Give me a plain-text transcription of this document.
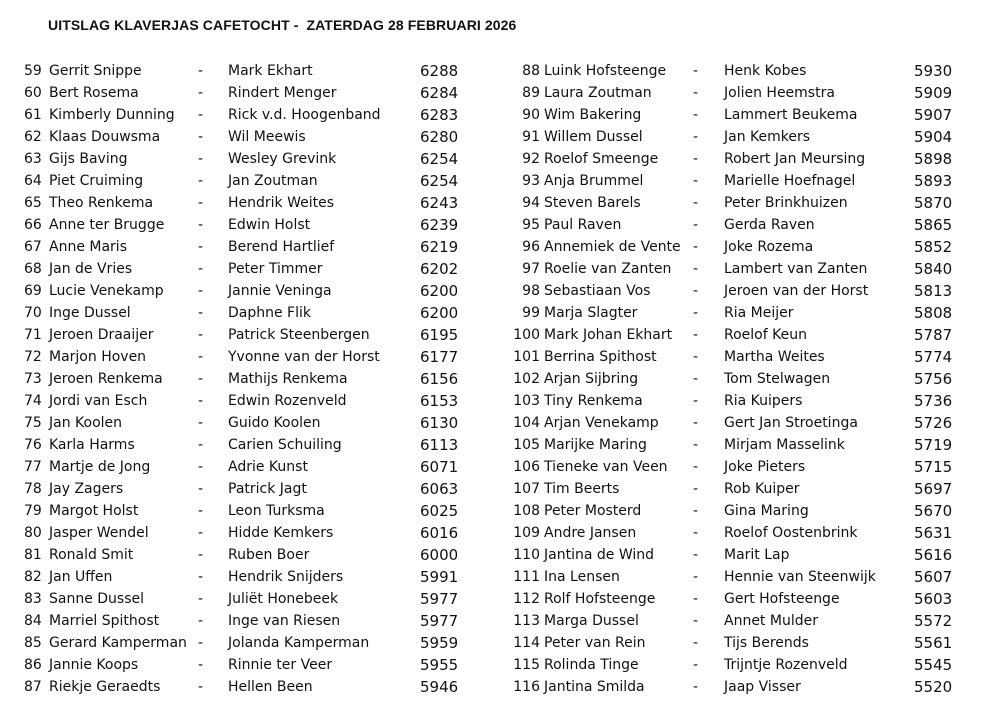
UITSLAG KLAVERJAS CAFETOCHT -  ZATERDAG 28 FEBRUARI 2026
59 Gerrit Snippe	- Mark Ekhart	6288
60 Bert Rosema	- Rindert Menger	6284
61 Kimberly Dunning - Rick v.d. Hoogenband	6283
62 Klaas Douwsma	- Wil Meewis	6280
63 Gijs Baving	- Wesley Grevink	6254
64 Piet Cruiming	- Jan Zoutman	6254
65 Theo Renkema	- Hendrik Weites	6243
66 Anne ter Brugge - Edwin Holst	6239
67 Anne Maris	- Berend Hartlief	6219
68 Jan de Vries	- Peter Timmer	6202
69 Lucie Venekamp - Jannie Veninga	6200
70 Inge Dussel	- Daphne Flik	6200
71 Jeroen Draaijer	- Patrick Steenbergen	6195
72 Marjon Hoven	- Yvonne van der Horst	6177
73 Jeroen Renkema	- Mathijs Renkema	6156
74 Jordi van Esch	- Edwin Rozenveld	6153
75 Jan Koolen	- Guido Koolen	6130
76 Karla Harms	- Carien Schuiling	6113
77 Martje de Jong	- Adrie Kunst	6071
78 Jay Zagers	- Patrick Jagt	6063
79 Margot Holst	- Leon Turksma	6025
80 Jasper Wendel	- Hidde Kemkers	6016
81 Ronald Smit	- Ruben Boer	6000
82 Jan Uffen	- Hendrik Snijders	5991
83 Sanne Dussel	- Juliët Honebeek	5977
84 Marriel Spithost	- Inge van Riesen	5977
85 Gerard Kamperman - Jolanda Kamperman	5959
86 Jannie Koops	- Rinnie ter Veer	5955
87 Riekje Geraedts	- Hellen Been	5946
88 Luink Hofsteenge - Henk Kobes	5930
89 Laura Zoutman	- Jolien Heemstra	5909
90 Wim Bakering	- Lammert Beukema	5907
91 Willem Dussel	- Jan Kemkers	5904
92 Roelof Smeenge - Robert Jan Meursing	5898
93 Anja Brummel	- Marielle Hoefnagel	5893
94 Steven Barels	- Peter Brinkhuizen	5870
95 Paul Raven	- Gerda Raven	5865
96 Annemiek de Vente - Joke Rozema	5852
97 Roelie van Zanten - Lambert van Zanten	5840
98 Sebastiaan Vos	- Jeroen van der Horst	5813
99 Marja Slagter	- Ria Meijer	5808
100 Mark Johan Ekhart - Roelof Keun	5787
101 Berrina Spithost	- Martha Weites	5774
102 Arjan Sijbring	- Tom Stelwagen	5756
103 Tiny Renkema	- Ria Kuipers	5736
104 Arjan Venekamp - Gert Jan Stroetinga	5726
105 Marijke Maring	- Mirjam Masselink	5719
106 Tieneke van Veen - Joke Pieters	5715
107 Tim Beerts	- Rob Kuiper	5697
108 Peter Mosterd	- Gina Maring	5670
109 Andre Jansen	- Roelof Oostenbrink	5631
110 Jantina de Wind	- Marit Lap	5616
111 Ina Lensen	- Hennie van Steenwijk	5607
112 Rolf Hofsteenge	- Gert Hofsteenge	5603
113 Marga Dussel	- Annet Mulder	5572
114 Peter van Rein	- Tijs Berends	5561
115 Rolinda Tinge	- Trijntje Rozenveld	5545
116 Jantina Smilda	- Jaap Visser	5520
